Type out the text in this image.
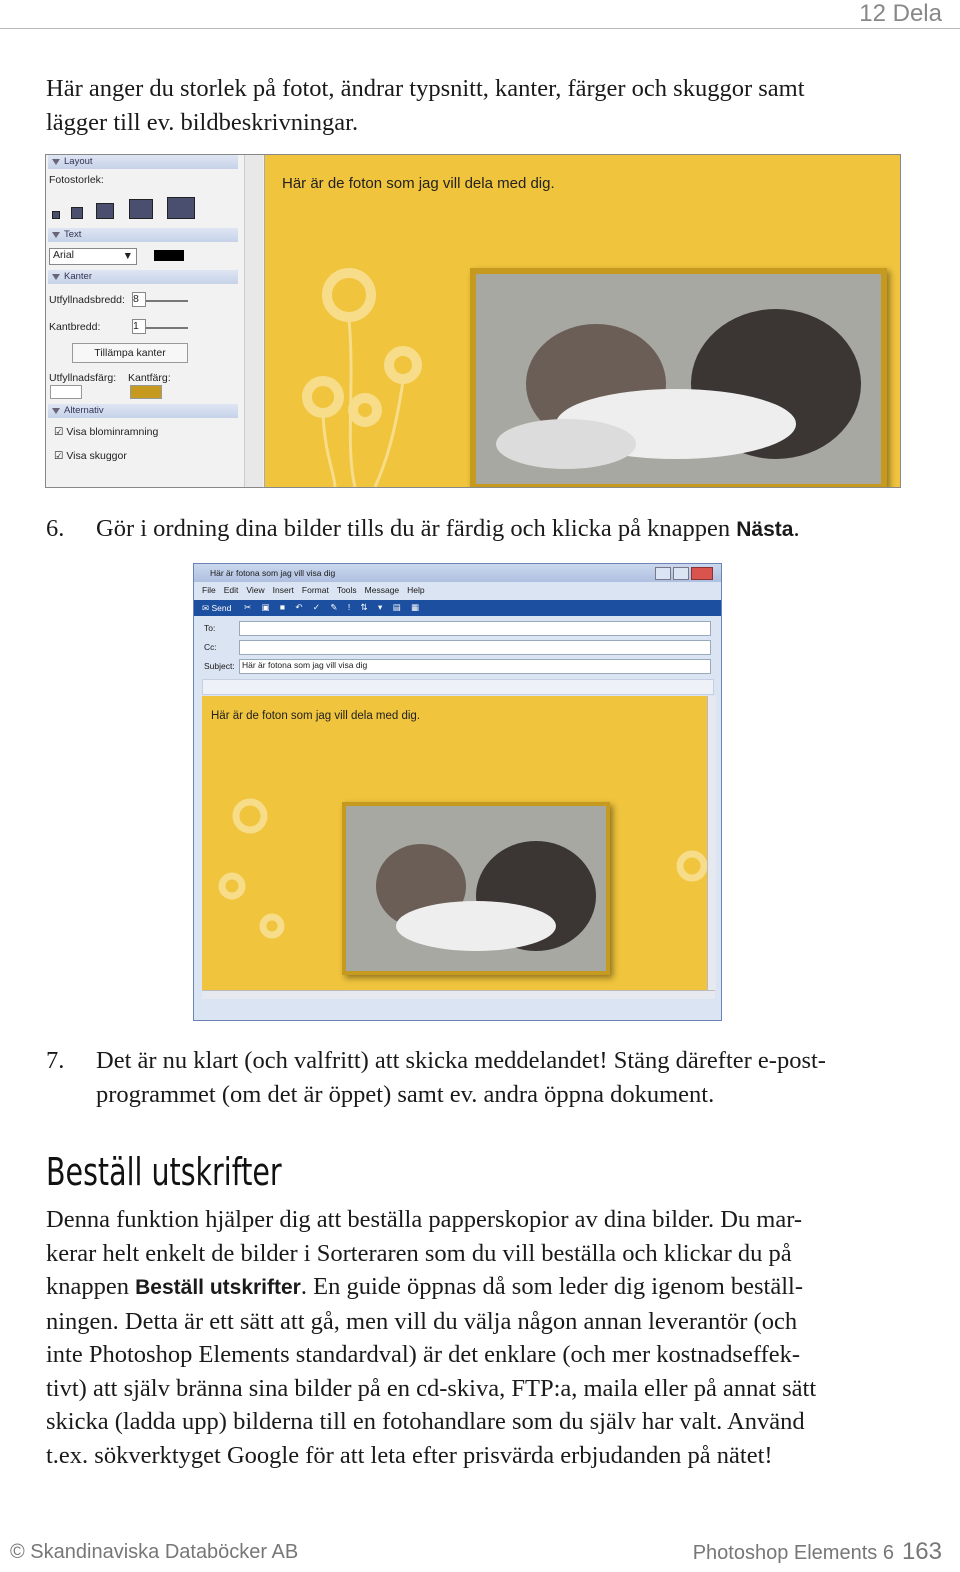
12 Dela
Här anger du storlek på fotot, ändrar typsnitt, kanter, färger och skuggor samt
lägger till ev. bildbeskrivningar.
Layout
Fotostorlek:
Text
Arial	▼
Kanter
Utfyllnadsbredd: 8
Kantbredd:	1
Tillämpa kanter
Utfyllnadsfärg: Kantfärg:
Alternativ
☑ Visa blominramning
☑ Visa skuggor
Här är de foton som jag vill dela med dig.
6. Gör i ordning dina bilder tills du är färdig och klicka på knappen Nästa.
Här är fotona som jag vill visa dig
File Edit View Insert Format Tools Message Help
✉ Send ✂ ▣ ■ ↶ ✓ ✎ ! ⇅ ▾ ▤ ▦
To:
Cc:
Subject: Här är fotona som jag vill visa dig
Här är de foton som jag vill dela med dig.
7. Det är nu klart (och valfritt) att skicka meddelandet! Stäng därefter e-post-
programmet (om det är öppet) samt ev. andra öppna dokument.
Beställ utskrifter
Denna funktion hjälper dig att beställa papperskopior av dina bilder. Du mar-
kerar helt enkelt de bilder i Sorteraren som du vill beställa och klickar du på
knappen Beställ utskrifter. En guide öppnas då som leder dig igenom beställ-
ningen. Detta är ett sätt att gå, men vill du välja någon annan leverantör (och
inte Photoshop Elements standardval) är det enklare (och mer kostnadseffek-
tivt) att själv bränna sina bilder på en cd-skiva, FTP:a, maila eller på annat sätt
skicka (ladda upp) bilderna till en fotohandlare som du själv har valt. Använd
t.ex. sökverktyget Google för att leta efter prisvärda erbjudanden på nätet!
© Skandinaviska Databöcker AB	Photoshop Elements 6 163
